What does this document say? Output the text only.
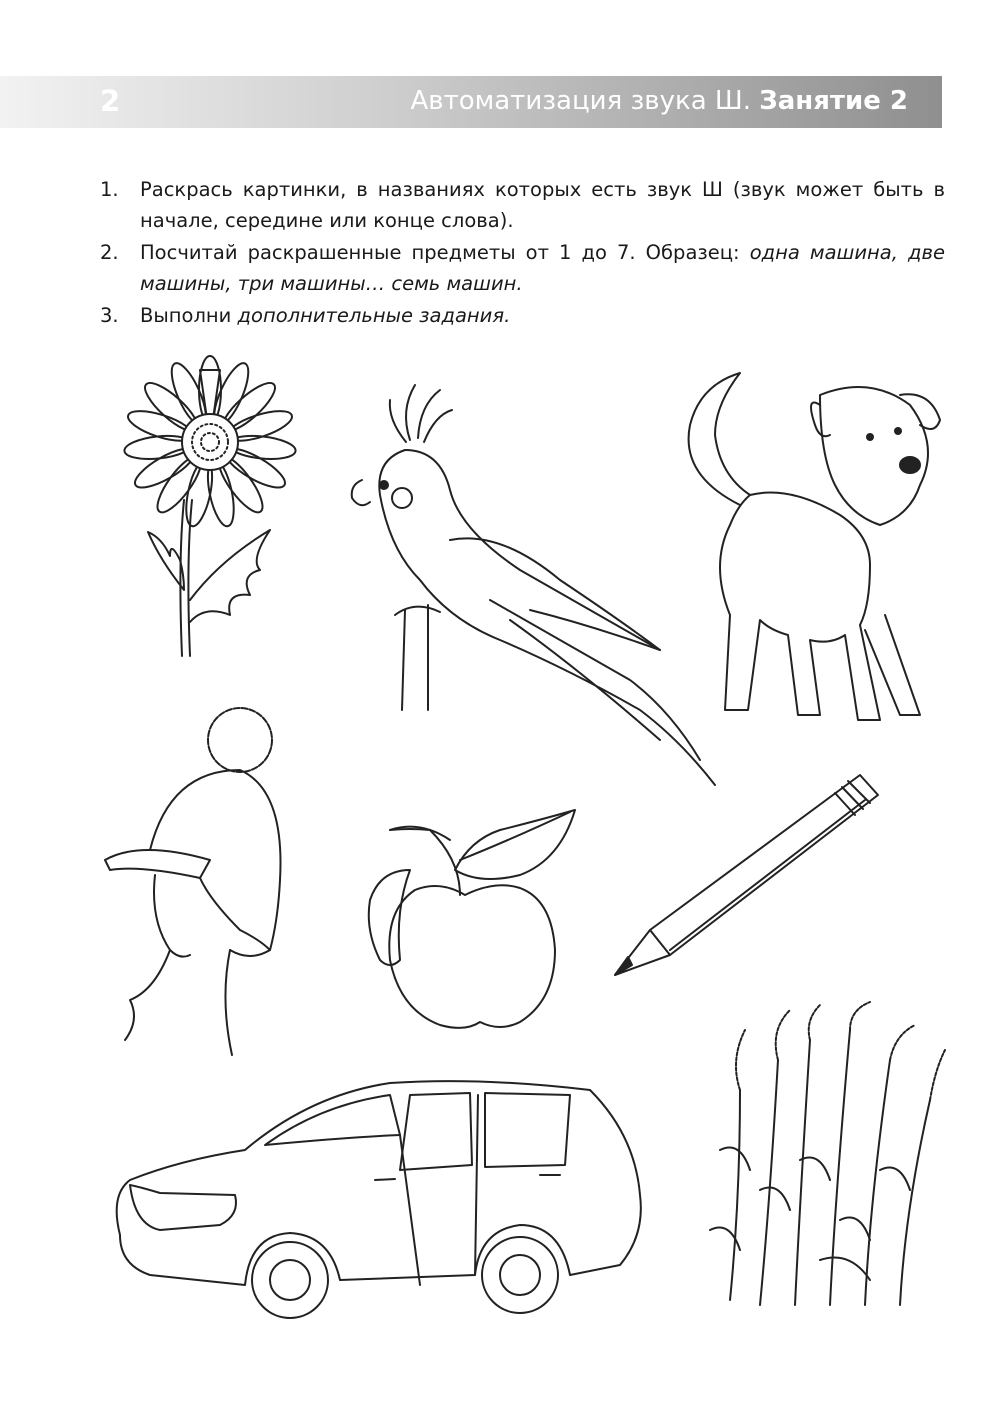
2	Автоматизация звука Ш. Занятие 2
1. Раскрась картинки, в названиях которых есть звук Ш (звук может быть в начале, середине или конце слова).
2. Посчитай раскрашенные предметы от 1 до 7. Образец: одна машина, две машины, три машины… семь машин.
3. Выполни дополнительные задания.
